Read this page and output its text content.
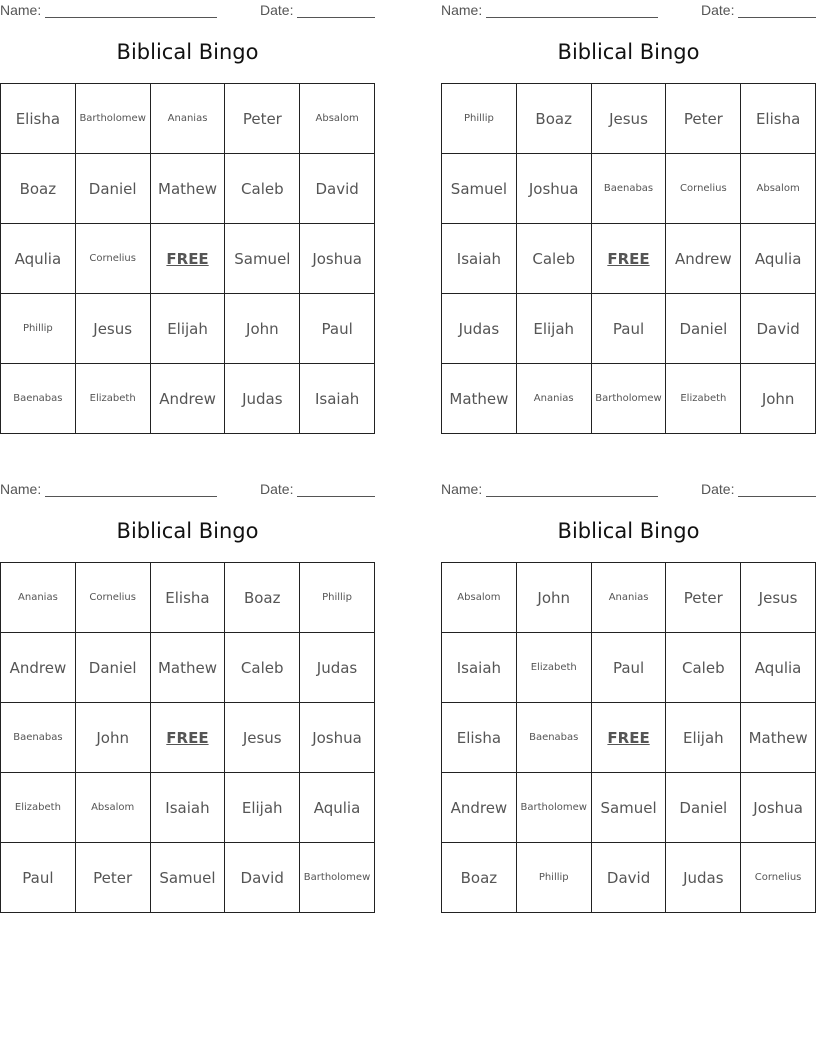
Name:	Date:
Biblical Bingo
Elisha	Bartholomew	Ananias	Peter	Absalom
Boaz	Daniel	Mathew	Caleb	David
Aqulia	Cornelius	FREE	Samuel	Joshua
Phillip	Jesus	Elijah	John	Paul
Baenabas	Elizabeth	Andrew	Judas	Isaiah
Name:	Date:
Biblical Bingo
Phillip	Boaz	Jesus	Peter	Elisha
Samuel	Joshua	Baenabas	Cornelius	Absalom
Isaiah	Caleb	FREE	Andrew	Aqulia
Judas	Elijah	Paul	Daniel	David
Mathew	Ananias	Bartholomew	Elizabeth	John
Name:	Date:
Biblical Bingo
Ananias	Cornelius	Elisha	Boaz	Phillip
Andrew	Daniel	Mathew	Caleb	Judas
Baenabas	John	FREE	Jesus	Joshua
Elizabeth	Absalom	Isaiah	Elijah	Aqulia
Paul	Peter	Samuel	David	Bartholomew
Name:	Date:
Biblical Bingo
Absalom	John	Ananias	Peter	Jesus
Isaiah	Elizabeth	Paul	Caleb	Aqulia
Elisha	Baenabas	FREE	Elijah	Mathew
Andrew	Bartholomew	Samuel	Daniel	Joshua
Boaz	Phillip	David	Judas	Cornelius
